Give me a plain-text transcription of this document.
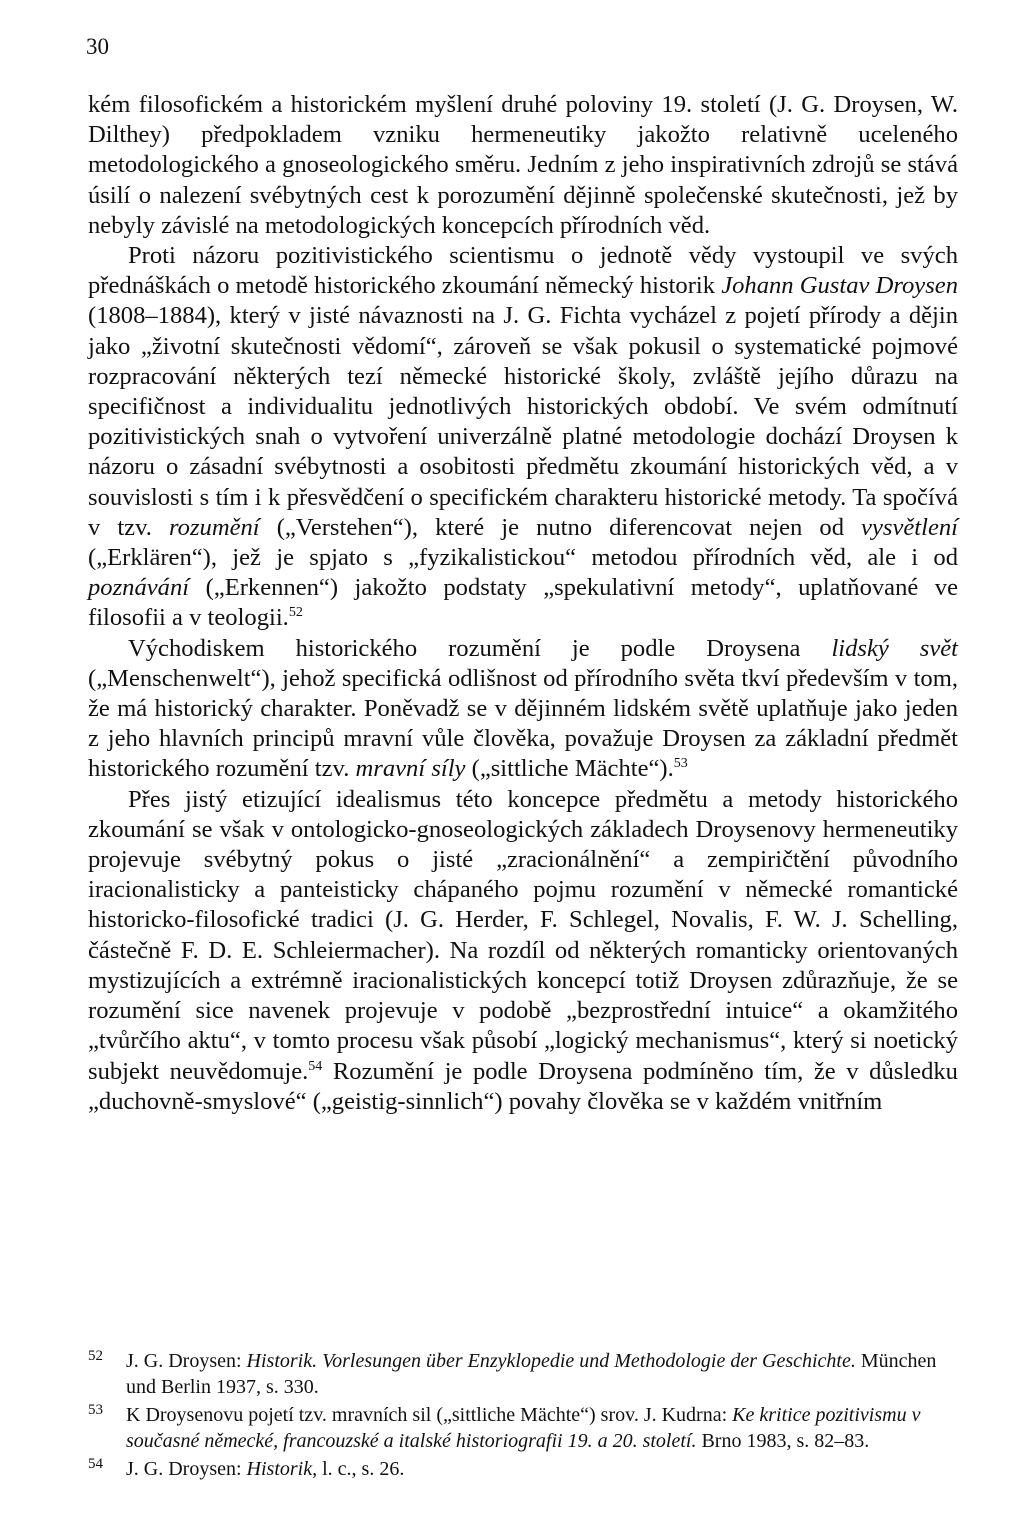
30

kém filosofickém a historickém myšlení druhé poloviny 19. století (J. G. Droysen, W. Dilthey) předpokladem vzniku hermeneutiky jakožto relativně uceleného metodologického a gnoseologického směru. Jedním z jeho inspirativních zdrojů se stává úsilí o nalezení svébytných cest k porozumění dějinně společenské skutečnosti, jež by nebyly závislé na metodologických koncepcích přírodních věd.

Proti názoru pozitivistického scientismu o jednotě vědy vystoupil ve svých přednáškách o metodě historického zkoumání německý historik Johann Gustav Droysen (1808–1884), který v jisté návaznosti na J. G. Fichta vycházel z pojetí přírody a dějin jako „životní skutečnosti vědomí“, zároveň se však pokusil o systematické pojmové rozpracování některých tezí německé historické školy, zvláště jejího důrazu na specifičnost a individualitu jednotlivých historických období. Ve svém odmítnutí pozitivistických snah o vytvoření univerzálně platné metodologie dochází Droysen k názoru o zásadní svébytnosti a osobitosti předmětu zkoumání historických věd, a v souvislosti s tím i k přesvědčení o specifickém charakteru historické metody. Ta spočívá v tzv. rozumění („Verstehen“), které je nutno diferencovat nejen od vysvětlení („Erklären“), jež je spjato s „fyzikalistickou“ metodou přírodních věd, ale i od poznávání („Erkennen“) jakožto podstaty „spekulativní metody“, uplatňované ve filosofii a v teologii.$^{52}$

Východiskem historického rozumění je podle Droysena lidský svět („Menschenwelt“), jehož specifická odlišnost od přírodního světa tkví především v tom, že má historický charakter. Poněvadž se v dějinném lidském světě uplatňuje jako jeden z jeho hlavních principů mravní vůle člověka, považuje Droysen za základní předmět historického rozumění tzv. mravní síly („sittliche Mächte“).$^{53}$

Přes jistý etizující idealismus této koncepce předmětu a metody historického zkoumání se však v ontologicko-gnoseologických základech Droysenovy hermeneutiky projevuje svébytný pokus o jisté „zracionálnění“ a zempiričtění původního iracionalisticky a panteisticky chápaného pojmu rozumění v německé romantické historicko-filosofické tradici (J. G. Herder, F. Schlegel, Novalis, F. W. J. Schelling, částečně F. D. E. Schleiermacher). Na rozdíl od některých romanticky orientovaných mystizujících a extrémně iracionalistických koncepcí totiž Droysen zdůrazňuje, že se rozumění sice navenek projevuje v podobě „bezprostřední intuice“ a okamžitého „tvůrčího aktu“, v tomto procesu však působí „logický mechanismus“, který si noetický subjekt neuvědomuje.$^{54}$ Rozumění je podle Droysena podmíněno tím, že v důsledku „duchovně-smyslové“ („geistig-sinnlich“) povahy člověka se v každém vnitřním

52 J. G. Droysen: Historik. Vorlesungen über Enzyklopedie und Methodologie der Geschichte. München und Berlin 1937, s. 330.
53 K Droysenovu pojetí tzv. mravních sil („sittliche Mächte“) srov. J. Kudrna: Ke kritice pozitivismu v současné německé, francouzské a italské historiografii 19. a 20. století. Brno 1983, s. 82–83.
54 J. G. Droysen: Historik, l. c., s. 26.
